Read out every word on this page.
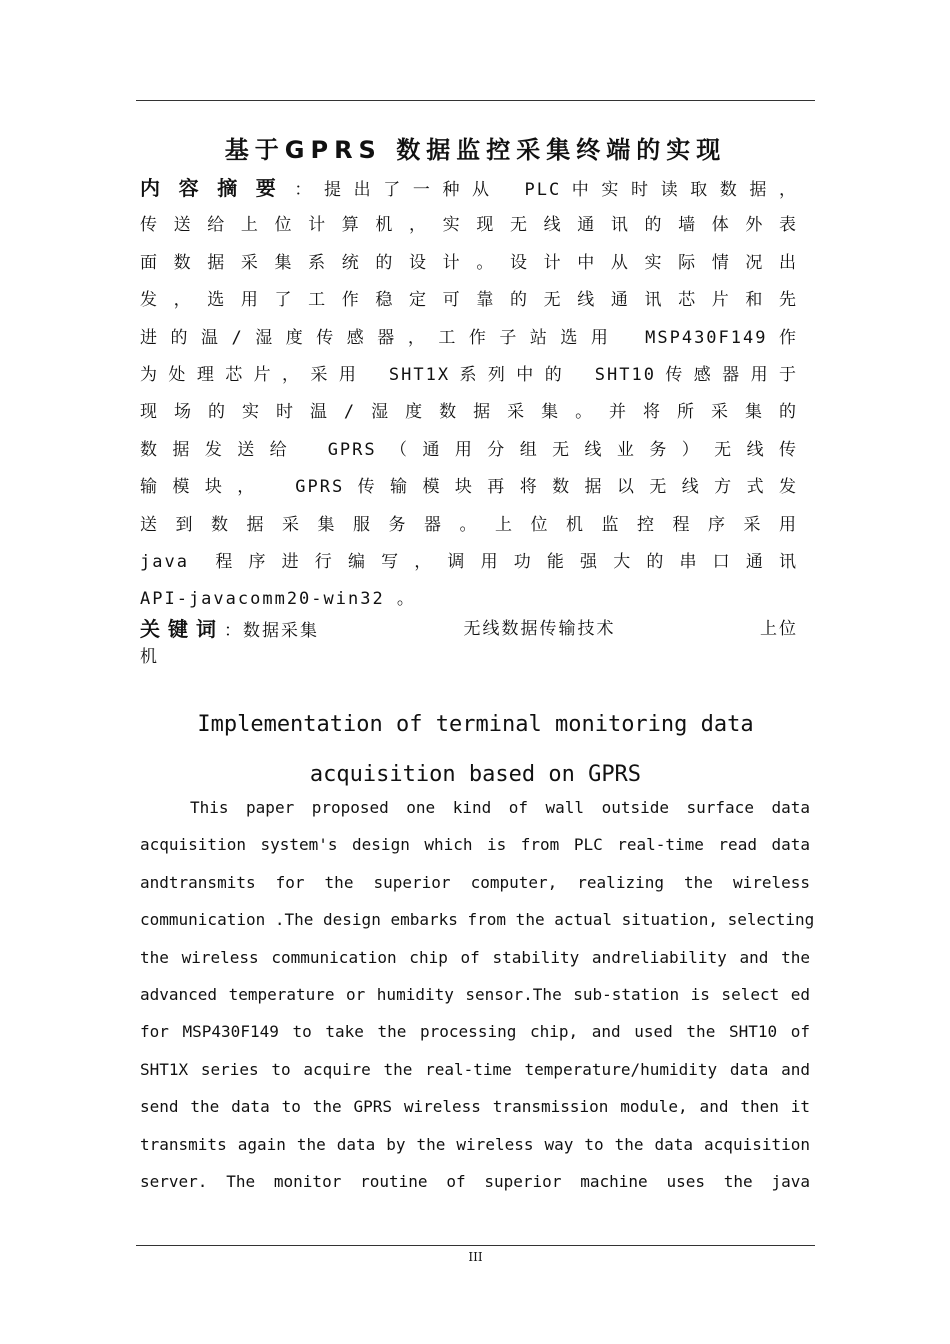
基于GPRS 数据监控采集终端的实现
内容摘要：提出了一种从 PLC中实时读取数据，
传送给上位计算机，实现无线通讯的墙体外表
面数据采集系统的设计。设计中从实际情况出
发，选用了工作稳定可靠的无线通讯芯片和先
进的温/湿度传感器，工作子站选用 MSP430F149作
为处理芯片，采用 SHT1X系列中的 SHT10传感器用于
现场的实时温/湿度数据采集。并将所采集的
数据发送给 GPRS（通用分组无线业务）无线传
输模块， GPRS传输模块再将数据以无线方式发
送到数据采集服务器。上位机监控程序采用
java 程序进行编写，调用功能强大的串口通讯
API-javacomm20-win32 。
关键词：数据采集	无线数据传输技术	上位
机
Implementation of terminal monitoring data
acquisition based on GPRS
This paper proposed one kind of wall outside surface data
acquisition system's design which is from PLC real-time read data
andtransmits for the superior computer, realizing the wireless
communication .The design embarks from the actual situation, selecting
the wireless communication chip of stability andreliability and the
advanced temperature or humidity sensor.The sub-station is select ed
for MSP430F149 to take the processing chip, and used the SHT10 of
SHT1X series to acquire the real-time temperature/humidity data and
send the data to the GPRS wireless transmission module, and then it
transmits again the data by the wireless way to the data acquisition
server. The monitor routine of superior machine uses the java
III
